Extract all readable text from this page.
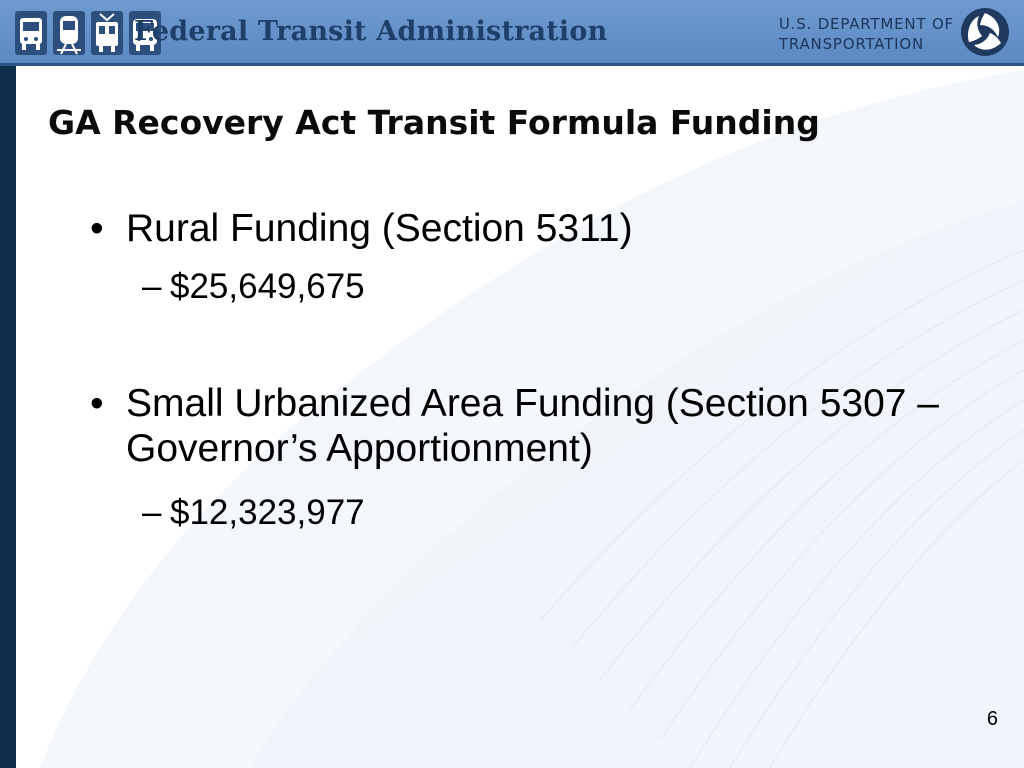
Federal Transit Administration	U.S. DEPARTMENT OF
TRANSPORTATION
GA Recovery Act Transit Formula Funding
• Rural Funding (Section 5311)
– $25,649,675
• Small Urbanized Area Funding (Section 5307 – Governor’s Apportionment)
– $12,323,977
6
